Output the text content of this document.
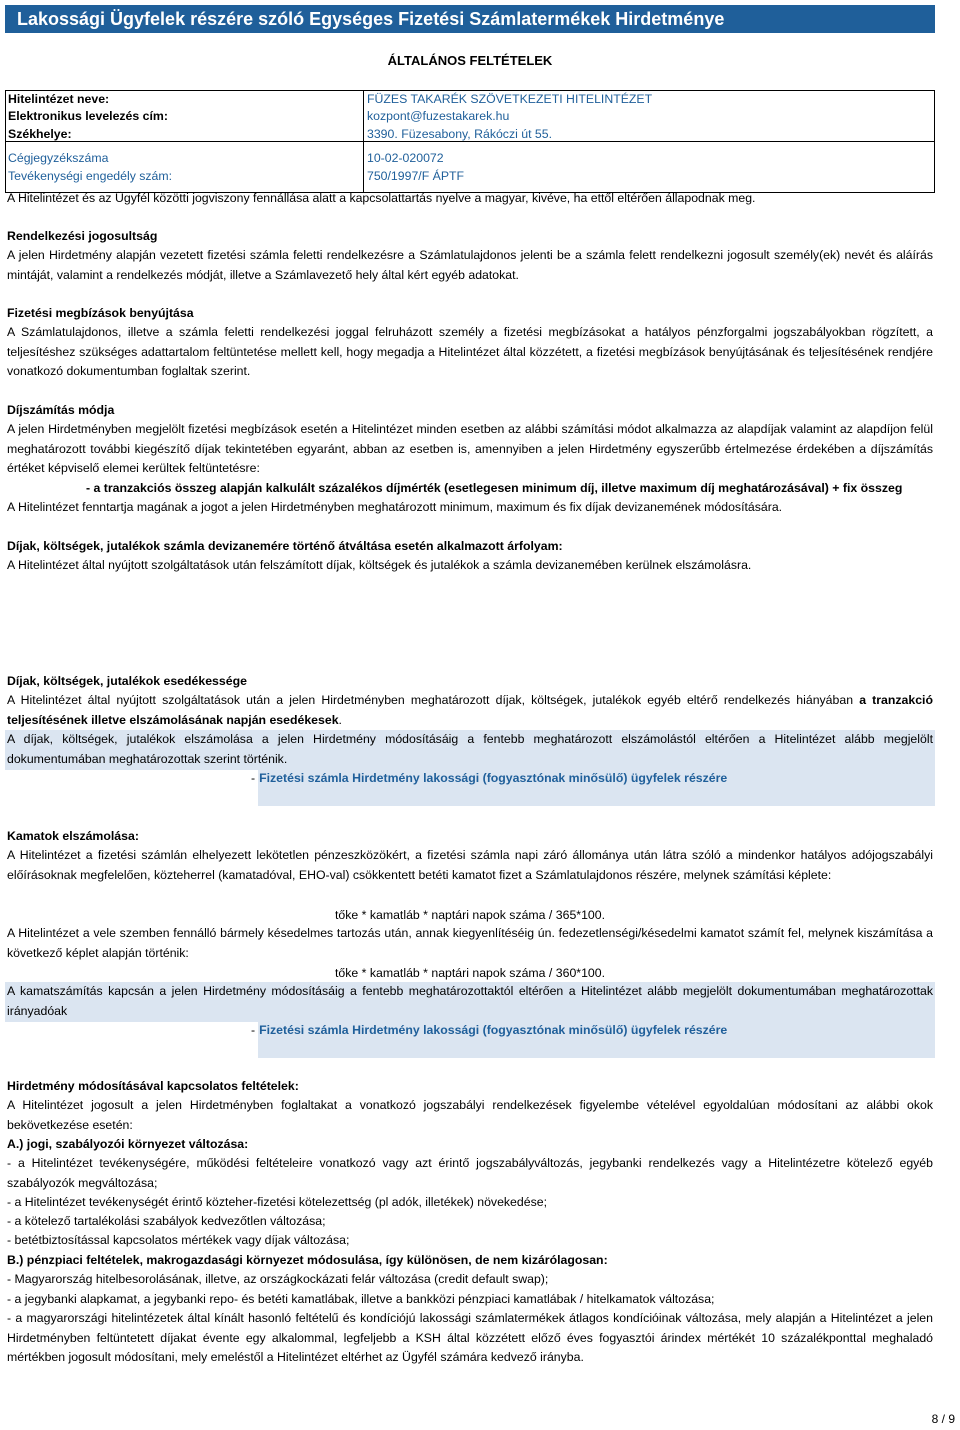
Lakossági Ügyfelek részére szóló Egységes Fizetési Számlatermékek Hirdetménye
ÁLTALÁNOS FELTÉTELEK
Hitelintézet neve:	FÜZES TAKARÉK SZÖVETKEZETI HITELINTÉZET
Elektronikus levelezés cím:	kozpont@fuzestakarek.hu
Székhelye:	3390. Füzesabony, Rákóczi út 55.
Cégjegyzékszáma	10-02-020072
Tevékenységi engedély szám:	750/1997/F ÁPTF
A Hitelintézet és az Ügyfél közötti jogviszony fennállása alatt a kapcsolattartás nyelve a magyar, kivéve, ha ettől eltérően állapodnak meg.
Rendelkezési jogosultság
A jelen Hirdetmény alapján vezetett fizetési számla feletti rendelkezésre a Számlatulajdonos jelenti be a számla felett rendelkezni jogosult személy(ek) nevét és aláírás mintáját, valamint a rendelkezés módját, illetve a Számlavezető hely által kért egyéb adatokat.
Fizetési megbízások benyújtása
A Számlatulajdonos, illetve a számla feletti rendelkezési joggal felruházott személy a fizetési megbízásokat a hatályos pénzforgalmi jogszabályokban rögzített, a teljesítéshez szükséges adattartalom feltüntetése mellett kell, hogy megadja a Hitelintézet által közzétett, a fizetési megbízások benyújtásának és teljesítésének rendjére vonatkozó dokumentumban foglaltak szerint.
Díjszámítás módja
A jelen Hirdetményben megjelölt fizetési megbízások esetén a Hitelintézet minden esetben az alábbi számítási módot alkalmazza az alapdíjak valamint az alapdíjon felül meghatározott további kiegészítő díjak tekintetében egyaránt, abban az esetben is, amennyiben a jelen Hirdetmény egyszerűbb értelmezése érdekében a díjszámítás értéket képviselő elemei kerültek feltüntetésre:
- a tranzakciós összeg alapján kalkulált százalékos díjmérték (esetlegesen minimum díj, illetve maximum díj meghatározásával) + fix összeg
A Hitelintézet fenntartja magának a jogot a jelen Hirdetményben meghatározott minimum, maximum és fix díjak devizanemének módosítására.
Díjak, költségek, jutalékok számla devizanemére történő átváltása esetén alkalmazott árfolyam:
A Hitelintézet által nyújtott szolgáltatások után felszámított díjak, költségek és jutalékok a számla devizanemében kerülnek elszámolásra.
Díjak, költségek, jutalékok esedékessége
A Hitelintézet által nyújtott szolgáltatások után a jelen Hirdetményben meghatározott díjak, költségek, jutalékok egyéb eltérő rendelkezés hiányában a tranzakció teljesítésének illetve elszámolásának napján esedékesek.
A díjak, költségek, jutalékok elszámolása a jelen Hirdetmény módosításáig a fentebb meghatározott elszámolástól eltérően a Hitelintézet alább megjelölt dokumentumában meghatározottak szerint történik.
- Fizetési számla Hirdetmény lakossági (fogyasztónak minősülő) ügyfelek részére
Kamatok elszámolása:
A Hitelintézet a fizetési számlán elhelyezett lekötetlen pénzeszközökért, a fizetési számla napi záró állománya után látra szóló a mindenkor hatályos adójogszabályi előírásoknak megfelelően, közteherrel (kamatadóval, EHO-val) csökkentett betéti kamatot fizet a Számlatulajdonos részére, melynek számítási képlete:
tőke * kamatláb * naptári napok száma / 365*100.
A Hitelintézet a vele szemben fennálló bármely késedelmes tartozás után, annak kiegyenlítéséig ún. fedezetlenségi/késedelmi kamatot számít fel, melynek kiszámítása a következő képlet alapján történik:
tőke * kamatláb * naptári napok száma / 360*100.
A kamatszámítás kapcsán a jelen Hirdetmény módosításáig a fentebb meghatározottaktól eltérően a Hitelintézet alább megjelölt dokumentumában meghatározottak irányadóak
- Fizetési számla Hirdetmény lakossági (fogyasztónak minősülő) ügyfelek részére
Hirdetmény módosításával kapcsolatos feltételek:
A Hitelintézet jogosult a jelen Hirdetményben foglaltakat a vonatkozó jogszabályi rendelkezések figyelembe vételével egyoldalúan módosítani az alábbi okok bekövetkezése esetén:
A.) jogi, szabályozói környezet változása:
- a Hitelintézet tevékenységére, működési feltételeire vonatkozó vagy azt érintő jogszabályváltozás, jegybanki rendelkezés vagy a Hitelintézetre kötelező egyéb szabályozók megváltozása;
- a Hitelintézet tevékenységét érintő közteher-fizetési kötelezettség (pl adók, illetékek) növekedése;
- a kötelező tartalékolási szabályok kedvezőtlen változása;
- betétbiztosítással kapcsolatos mértékek vagy díjak változása;
B.) pénzpiaci feltételek, makrogazdasági környezet módosulása, így különösen, de nem kizárólagosan:
- Magyarország hitelbesorolásának, illetve, az országkockázati felár változása (credit default swap);
- a jegybanki alapkamat, a jegybanki repo- és betéti kamatlábak, illetve a bankközi pénzpiaci kamatlábak / hitelkamatok változása;
- a magyarországi hitelintézetek által kínált hasonló feltételű és kondíciójú lakossági számlatermékek átlagos kondícióinak változása, mely alapján a Hitelintézet a jelen Hirdetményben feltüntetett díjakat évente egy alkalommal, legfeljebb a KSH által közzétett előző éves fogyasztói árindex mértékét 10 százalékponttal meghaladó mértékben jogosult módosítani, mely emeléstől a Hitelintézet eltérhet az Ügyfél számára kedvező irányba.
8 / 9
